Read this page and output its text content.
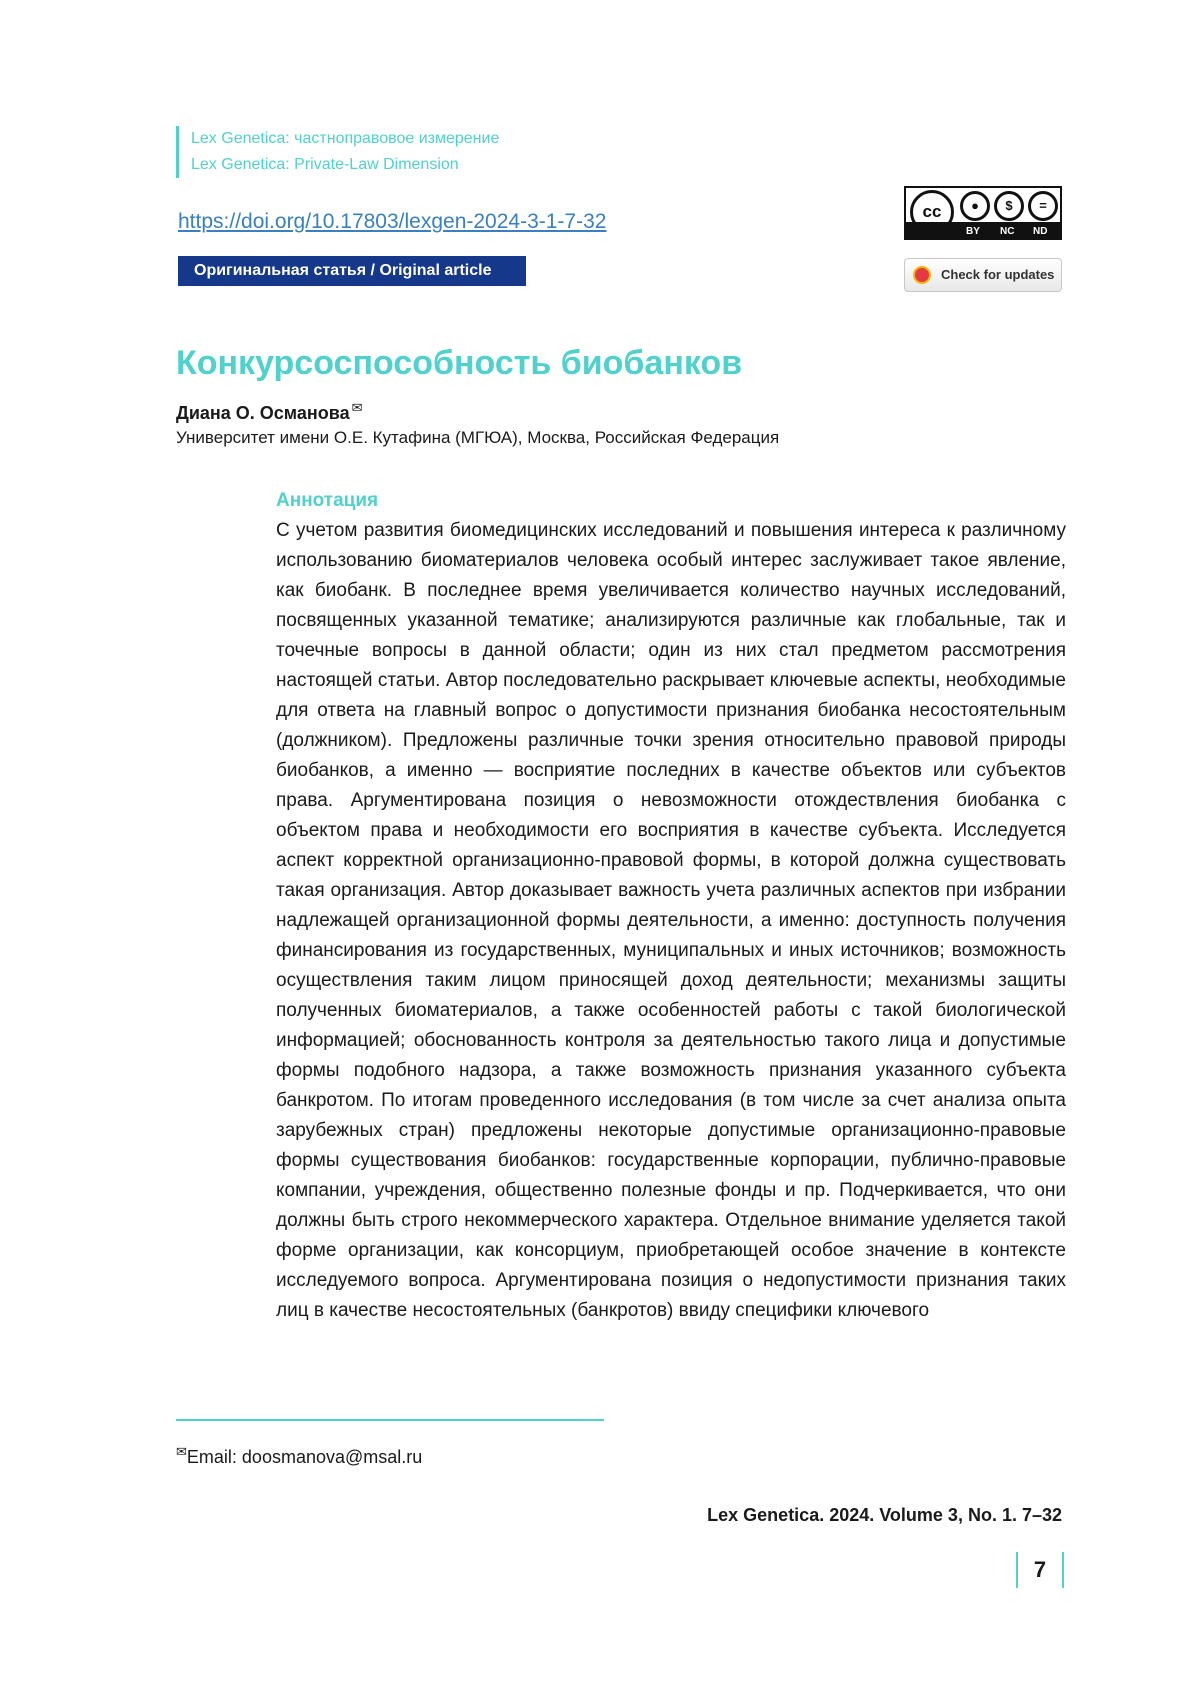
Lex Genetica: частноправовое измерение
Lex Genetica: Private-Law Dimension
https://doi.org/10.17803/lexgen-2024-3-1-7-32
Оригинальная статья / Original article
cc	●	$	=
BY NC ND
Check for updates
Конкурсоспособность биобанков
Диана О. Османова ✉
Университет имени О.Е. Кутафина (МГЮА), Москва, Российская Федерация
Аннотация

С учетом развития биомедицинских исследований и повышения интереса к различному использованию биоматериалов человека особый интерес заслуживает такое явление, как биобанк. В последнее время увеличивается количество научных исследований, посвященных указанной тематике; анализируются различные как глобальные, так и точечные вопросы в данной области; один из них стал предметом рассмотрения настоящей статьи. Автор последовательно раскрывает ключевые аспекты, необходимые для ответа на главный вопрос о допустимости признания биобанка несостоятельным (должником). Предложены различные точки зрения относительно правовой природы биобанков, а именно — восприятие последних в качестве объектов или субъектов права. Аргументирована позиция о невозможности отождествления биобанка с объектом права и необходимости его восприятия в качестве субъекта. Исследуется аспект корректной организационно-правовой формы, в которой должна существовать такая организация. Автор доказывает важность учета различных аспектов при избрании надлежащей организационной формы деятельности, а именно: доступность получения финансирования из государственных, муниципальных и иных источников; возможность осуществления таким лицом приносящей доход деятельности; механизмы защиты полученных биоматериалов, а также особенностей работы с такой биологической информацией; обоснованность контроля за деятельностью такого лица и допустимые формы подобного надзора, а также возможность признания указанного субъекта банкротом. По итогам проведенного исследования (в том числе за счет анализа опыта зарубежных стран) предложены некоторые допустимые организационно-правовые формы существования биобанков: государственные корпорации, публично-правовые компании, учреждения, общественно полезные фонды и пр. Подчеркивается, что они должны быть строго некоммерческого характера. Отдельное внимание уделяется такой форме организации, как консорциум, приобретающей особое значение в контексте исследуемого вопроса. Аргументирована позиция о недопустимости признания таких лиц в качестве несостоятельных (банкротов) ввиду специфики ключевого

✉Email: doosmanova@msal.ru
Lex Genetica. 2024. Volume 3, No. 1. 7–32
7
